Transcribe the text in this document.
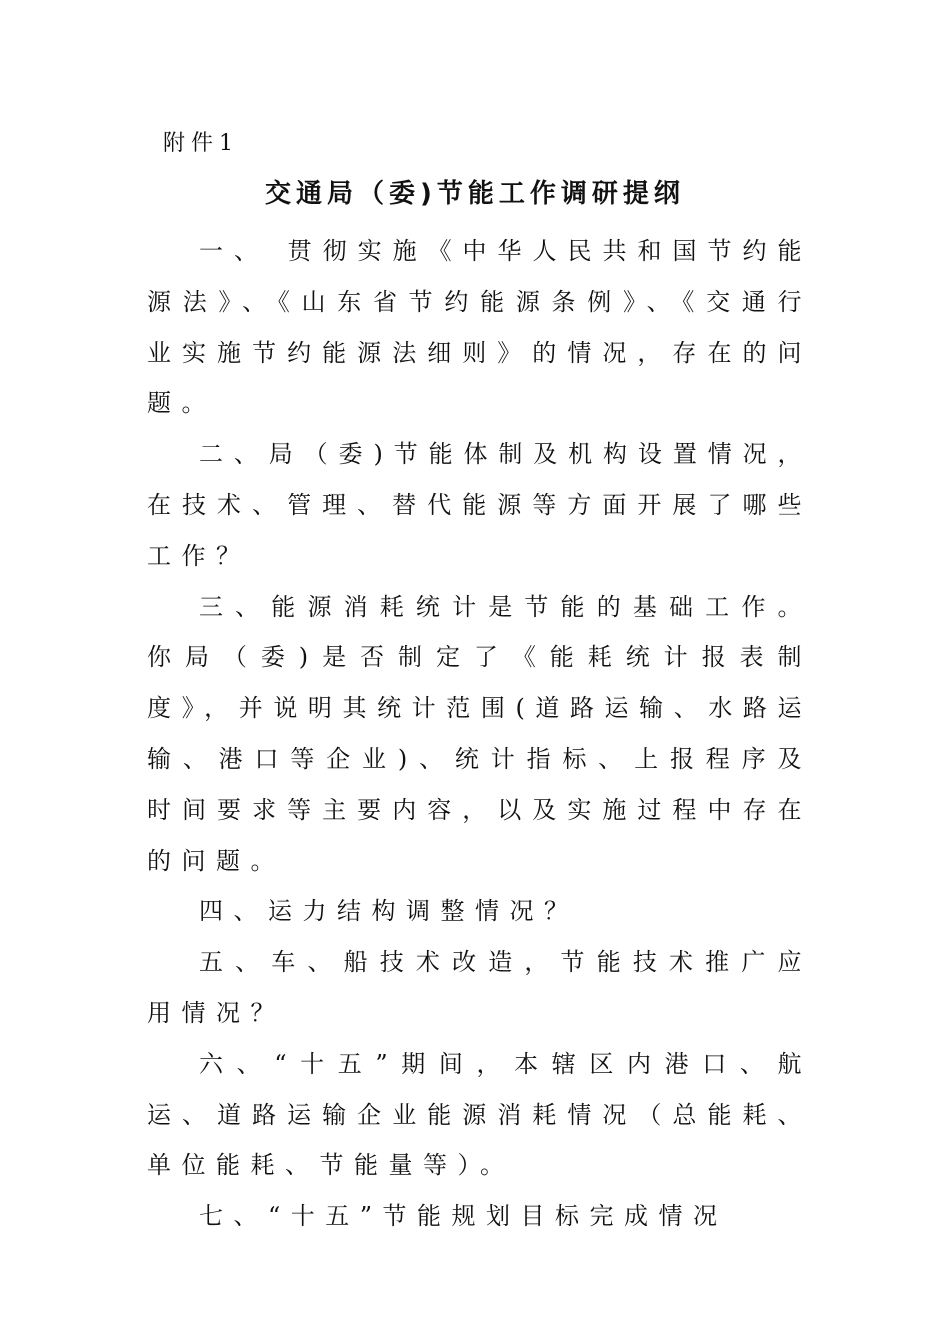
附件1

交通局（委)节能工作调研提纲

一、 贯彻实施《中华人民共和国节约能源法》、《山东省节约能源条例》、《交通行业实施节约能源法细则》的情况，存在的问题。

二、局（委)节能体制及机构设置情况，在技术、管理、替代能源等方面开展了哪些工作？

三、能源消耗统计是节能的基础工作。你局（委)是否制定了《能耗统计报表制度》，并说明其统计范围(道路运输、水路运输、港口等企业)、统计指标、上报程序及时间要求等主要内容，以及实施过程中存在的问题。

四、运力结构调整情况？

五、车、船技术改造，节能技术推广应用情况？

六、“十五”期间，本辖区内港口、航运、道路运输企业能源消耗情况（总能耗、单位能耗、节能量等）。

七、“十五”节能规划目标完成情况
